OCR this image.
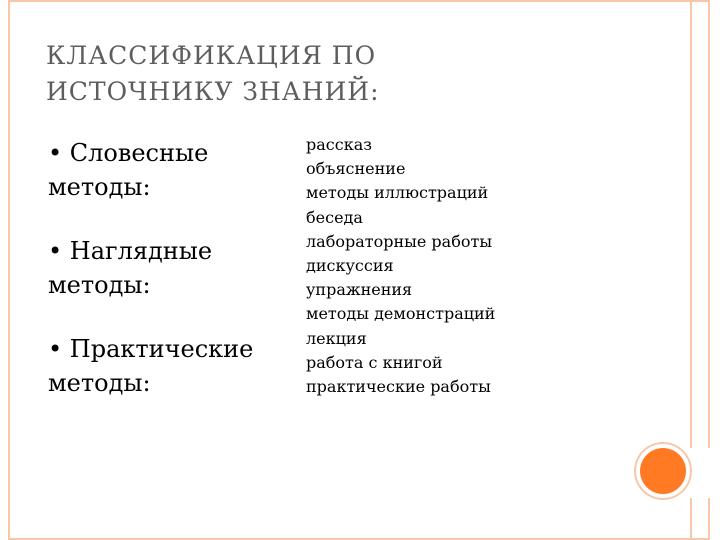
КЛАССИФИКАЦИЯ ПО ИСТОЧНИКУ ЗНАНИЙ:

• Словесные методы:

• Наглядные методы:

• Практические методы:

рассказ
объяснение
методы иллюстраций
беседа
лабораторные работы
дискуссия
упражнения
методы демонстраций
лекция
работа с книгой
практические работы
